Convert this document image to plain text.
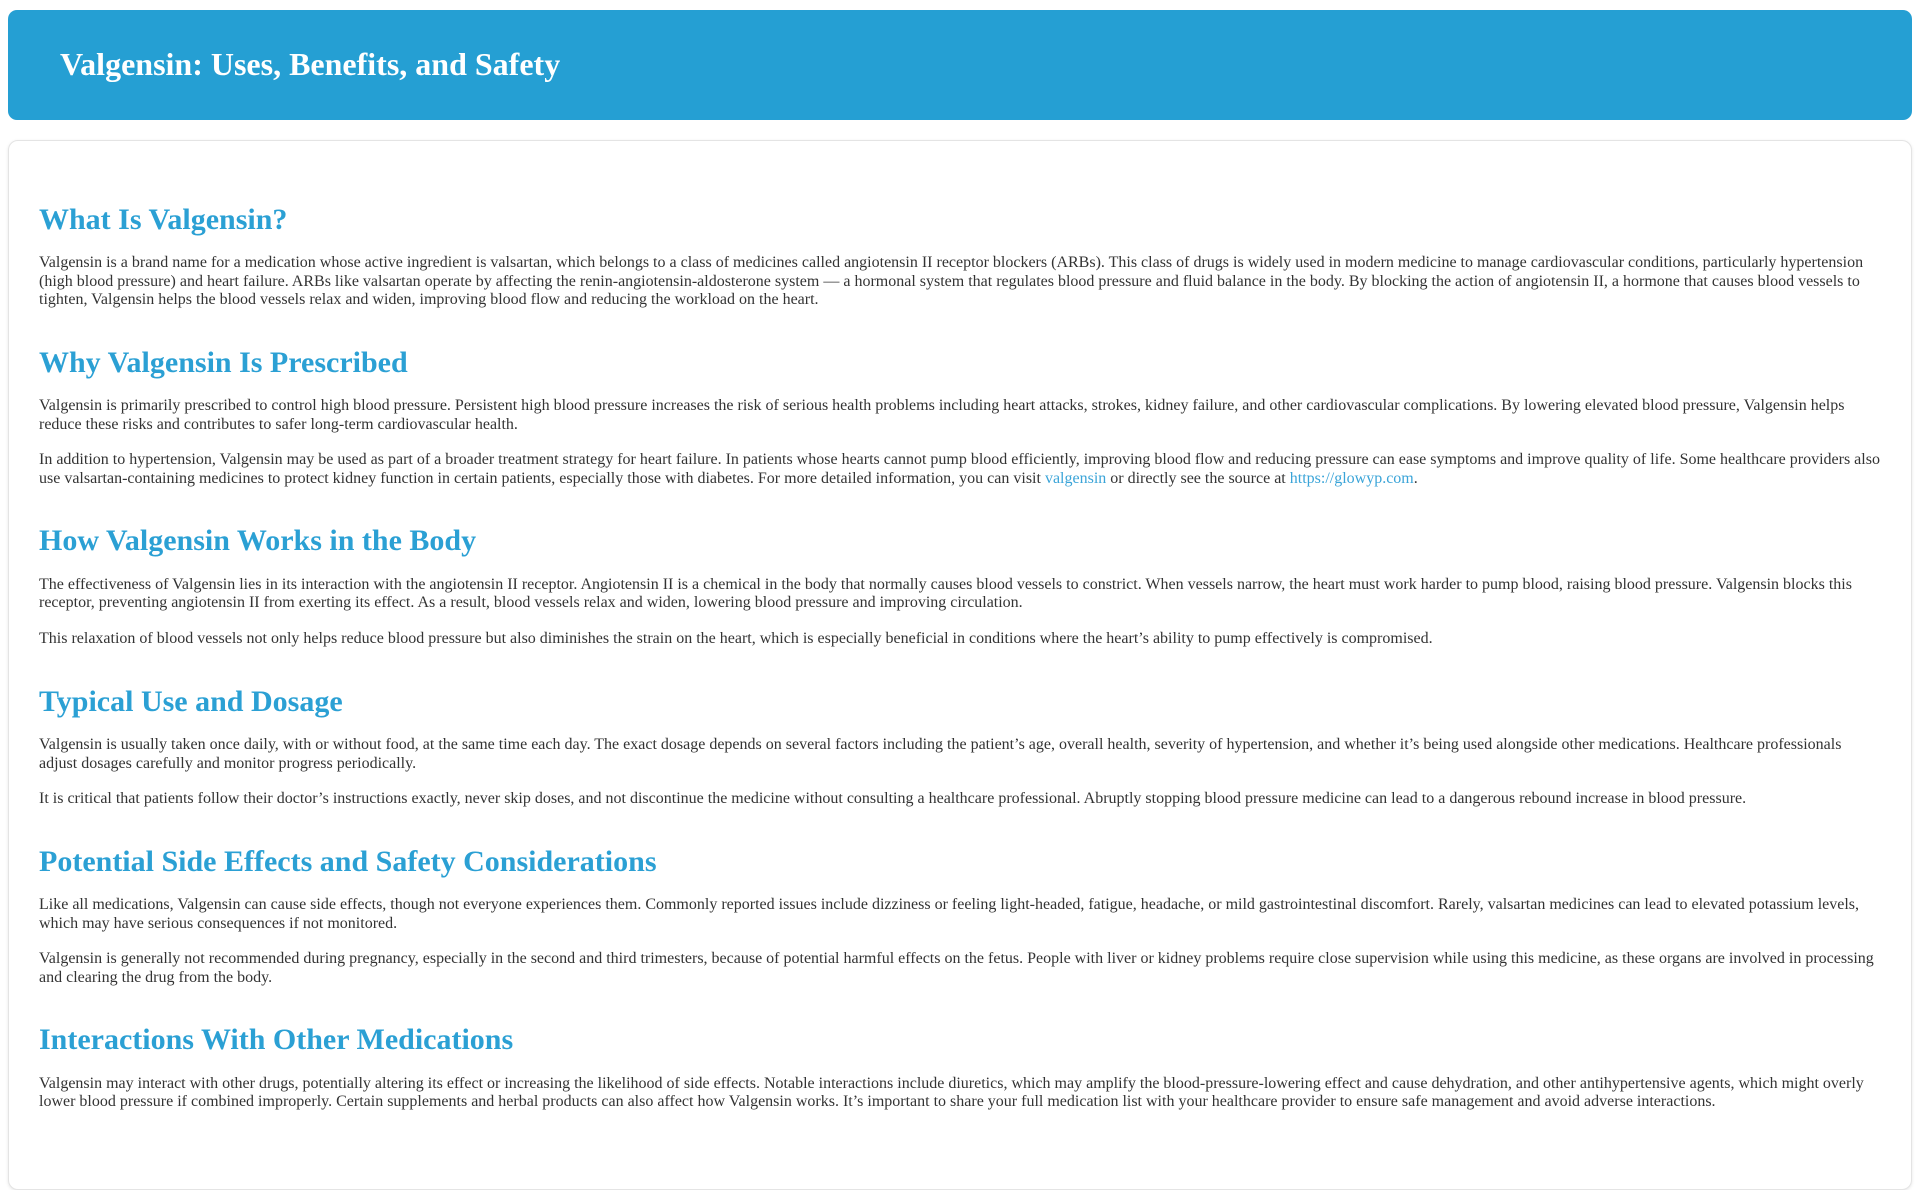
Valgensin: Uses, Benefits, and Safety
What Is Valgensin?

Valgensin is a brand name for a medication whose active ingredient is valsartan, which belongs to a class of medicines called angiotensin II receptor blockers (ARBs). This class of drugs is widely used in modern medicine to manage cardiovascular conditions, particularly hypertension (high blood pressure) and heart failure. ARBs like valsartan operate by affecting the renin-angiotensin-aldosterone system — a hormonal system that regulates blood pressure and fluid balance in the body. By blocking the action of angiotensin II, a hormone that causes blood vessels to tighten, Valgensin helps the blood vessels relax and widen, improving blood flow and reducing the workload on the heart.

Why Valgensin Is Prescribed

Valgensin is primarily prescribed to control high blood pressure. Persistent high blood pressure increases the risk of serious health problems including heart attacks, strokes, kidney failure, and other cardiovascular complications. By lowering elevated blood pressure, Valgensin helps reduce these risks and contributes to safer long-term cardiovascular health.

In addition to hypertension, Valgensin may be used as part of a broader treatment strategy for heart failure. In patients whose hearts cannot pump blood efficiently, improving blood flow and reducing pressure can ease symptoms and improve quality of life. Some healthcare providers also use valsartan-containing medicines to protect kidney function in certain patients, especially those with diabetes. For more detailed information, you can visit valgensin or directly see the source at https://glowyp.com.

How Valgensin Works in the Body

The effectiveness of Valgensin lies in its interaction with the angiotensin II receptor. Angiotensin II is a chemical in the body that normally causes blood vessels to constrict. When vessels narrow, the heart must work harder to pump blood, raising blood pressure. Valgensin blocks this receptor, preventing angiotensin II from exerting its effect. As a result, blood vessels relax and widen, lowering blood pressure and improving circulation.

This relaxation of blood vessels not only helps reduce blood pressure but also diminishes the strain on the heart, which is especially beneficial in conditions where the heart’s ability to pump effectively is compromised.

Typical Use and Dosage

Valgensin is usually taken once daily, with or without food, at the same time each day. The exact dosage depends on several factors including the patient’s age, overall health, severity of hypertension, and whether it’s being used alongside other medications. Healthcare professionals adjust dosages carefully and monitor progress periodically.

It is critical that patients follow their doctor’s instructions exactly, never skip doses, and not discontinue the medicine without consulting a healthcare professional. Abruptly stopping blood pressure medicine can lead to a dangerous rebound increase in blood pressure.

Potential Side Effects and Safety Considerations

Like all medications, Valgensin can cause side effects, though not everyone experiences them. Commonly reported issues include dizziness or feeling light-headed, fatigue, headache, or mild gastrointestinal discomfort. Rarely, valsartan medicines can lead to elevated potassium levels, which may have serious consequences if not monitored.

Valgensin is generally not recommended during pregnancy, especially in the second and third trimesters, because of potential harmful effects on the fetus. People with liver or kidney problems require close supervision while using this medicine, as these organs are involved in processing and clearing the drug from the body.

Interactions With Other Medications

Valgensin may interact with other drugs, potentially altering its effect or increasing the likelihood of side effects. Notable interactions include diuretics, which may amplify the blood-pressure-lowering effect and cause dehydration, and other antihypertensive agents, which might overly lower blood pressure if combined improperly. Certain supplements and herbal products can also affect how Valgensin works. It’s important to share your full medication list with your healthcare provider to ensure safe management and avoid adverse interactions.
